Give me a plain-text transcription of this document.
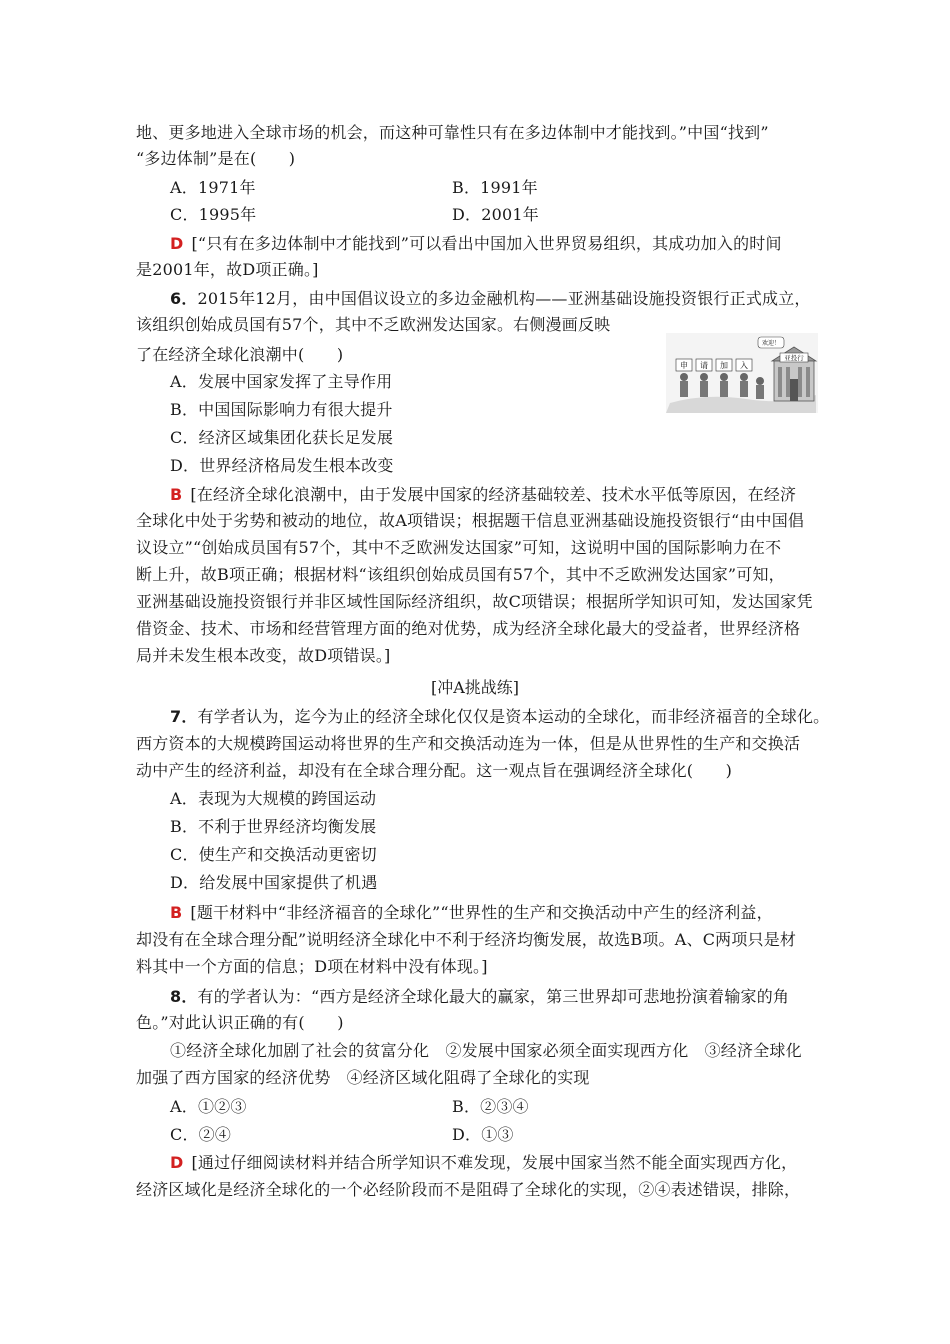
地、更多地进入全球市场的机会，而这种可靠性只有在多边体制中才能找到。”中国“找到”
“多边体制”是在(　　)
A．1971年	B．1991年
C．1995年	D．2001年
D [“只有在多边体制中才能找到”可以看出中国加入世界贸易组织，其成功加入的时间
是2001年，故D项正确。]
6．2015年12月，由中国倡议设立的多边金融机构——亚洲基础设施投资银行正式成立，
该组织创始成员国有57个，其中不乏欧洲发达国家。右侧漫画反映
了在经济全球化浪潮中(　　)	亚投行
欢迎！
申 请 加 入
A．发展中国家发挥了主导作用
B．中国国际影响力有很大提升
C．经济区域集团化获长足发展
D．世界经济格局发生根本改变
B [在经济全球化浪潮中，由于发展中国家的经济基础较差、技术水平低等原因，在经济
全球化中处于劣势和被动的地位，故A项错误；根据题干信息亚洲基础设施投资银行“由中国倡
议设立”“创始成员国有57个，其中不乏欧洲发达国家”可知，这说明中国的国际影响力在不
断上升，故B项正确；根据材料“该组织创始成员国有57个，其中不乏欧洲发达国家”可知，
亚洲基础设施投资银行并非区域性国际经济组织，故C项错误；根据所学知识可知，发达国家凭
借资金、技术、市场和经营管理方面的绝对优势，成为经济全球化最大的受益者，世界经济格
局并未发生根本改变，故D项错误。]
[冲A挑战练]
7．有学者认为，迄今为止的经济全球化仅仅是资本运动的全球化，而非经济福音的全球化。
西方资本的大规模跨国运动将世界的生产和交换活动连为一体，但是从世界性的生产和交换活
动中产生的经济利益，却没有在全球合理分配。这一观点旨在强调经济全球化(　　)
A．表现为大规模的跨国运动
B．不利于世界经济均衡发展
C．使生产和交换活动更密切
D．给发展中国家提供了机遇
B [题干材料中“非经济福音的全球化”“世界性的生产和交换活动中产生的经济利益，
却没有在全球合理分配”说明经济全球化中不利于经济均衡发展，故选B项。A、C两项只是材
料其中一个方面的信息；D项在材料中没有体现。]
8．有的学者认为：“西方是经济全球化最大的赢家，第三世界却可悲地扮演着输家的角
色。”对此认识正确的有(　　)
①经济全球化加剧了社会的贫富分化　②发展中国家必须全面实现西方化　③经济全球化
加强了西方国家的经济优势　④经济区域化阻碍了全球化的实现
A．①②③	B．②③④
C．②④	D．①③
D [通过仔细阅读材料并结合所学知识不难发现，发展中国家当然不能全面实现西方化，
经济区域化是经济全球化的一个必经阶段而不是阻碍了全球化的实现，②④表述错误，排除，
